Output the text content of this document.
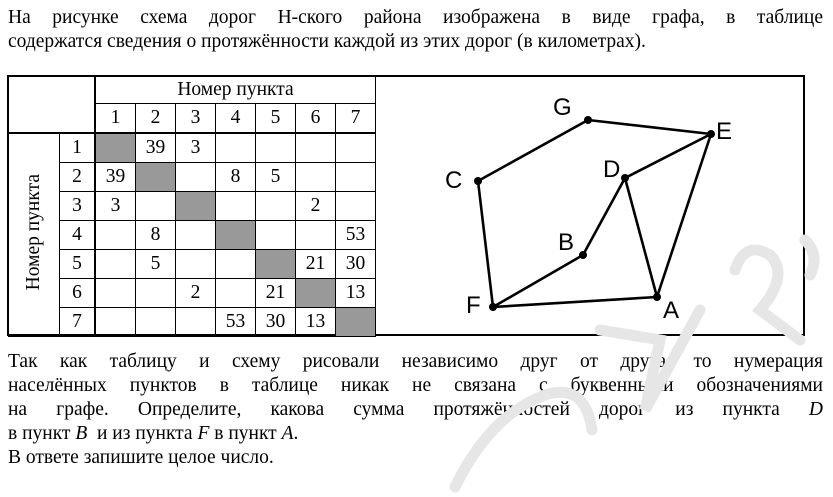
На рисунке схема дорог Н-ского района изображена в виде графа, в таблице
содержатся сведения о протяжённости каждой из этих дорог (в километрах).
		Номер пункта						
		1	2	3	4	5	6	7
Номер пункта	1		39	3				
	2	39			8	5		
	3	3					2	
	4		8					53
	5		5				21	30
	6			2		21		13
	7				53	30	13	
G
E
C	D
B
F	A
Так как таблицу и схему рисовали независимо друг от друга, то нумерация
населённых пунктов в таблице никак не связана с буквенными обозначениями
на графе. Определите, какова сумма протяжённостей дорог из пункта D
в пункт B и из пункта F в пункт A.
В ответе запишите целое число.
